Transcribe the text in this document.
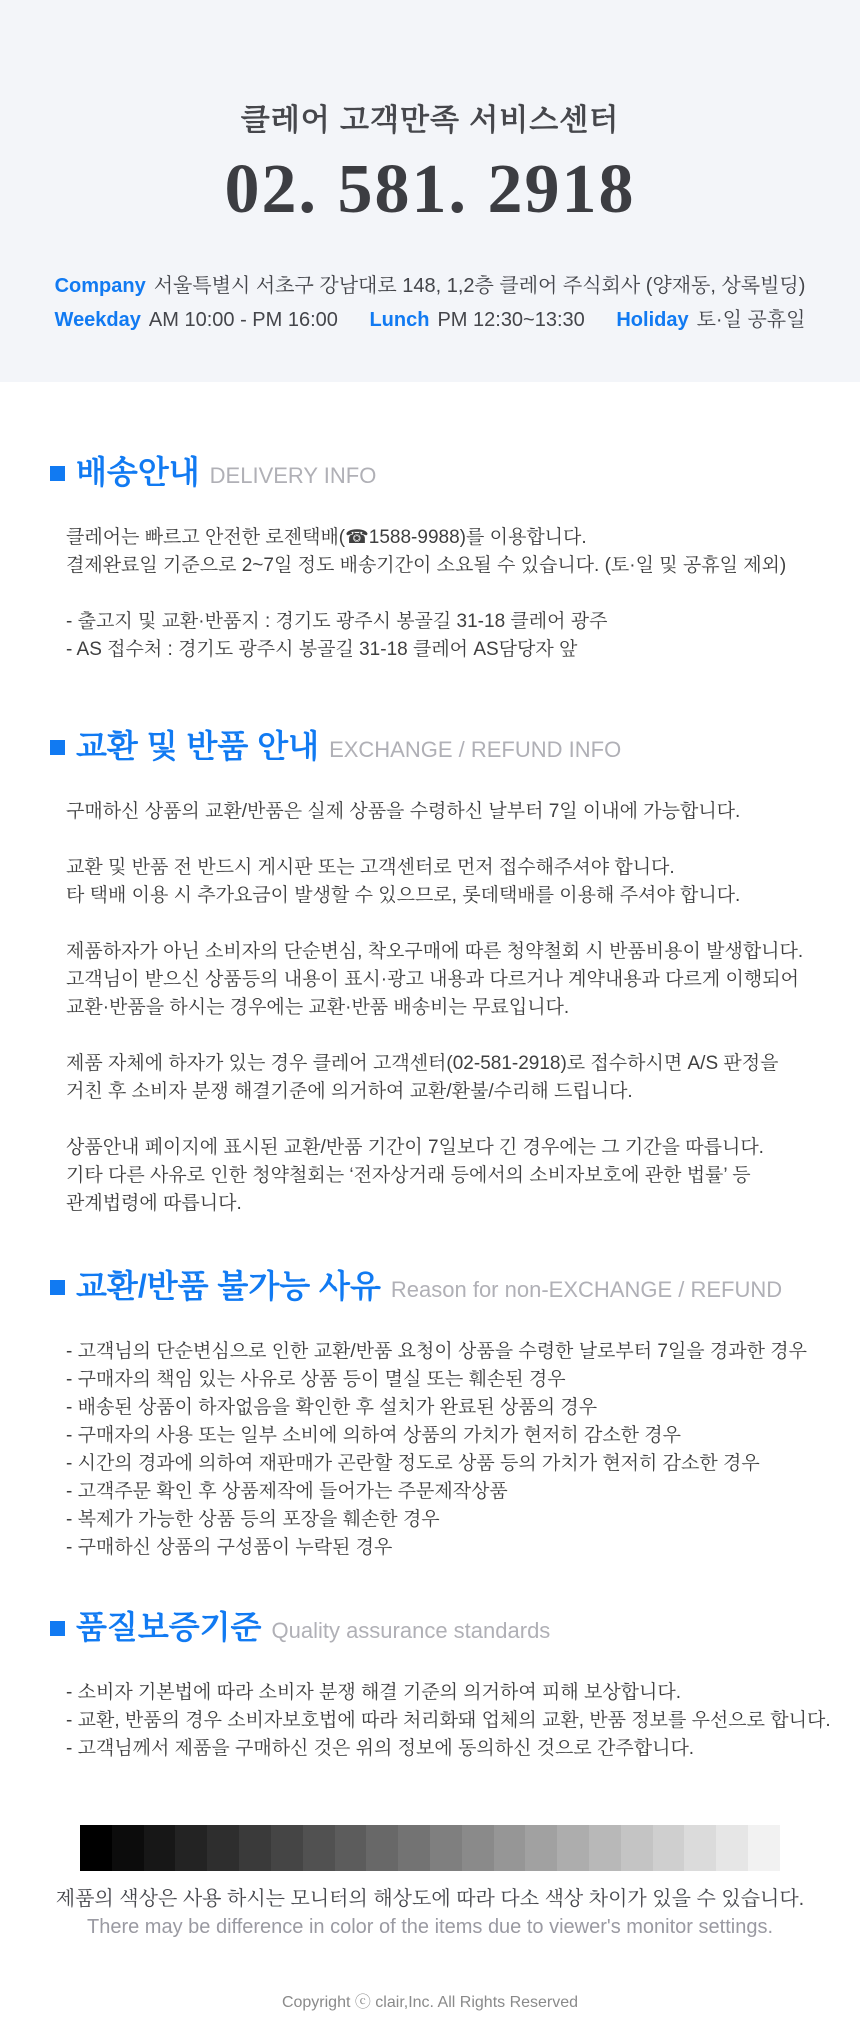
클레어 고객만족 서비스센터
02. 581. 2918
Company 서울특별시 서초구 강남대로 148, 1,2층 클레어 주식회사 (양재동, 상록빌딩)
Weekday AM 10:00 - PM 16:00 Lunch PM 12:30~13:30 Holiday 토·일 공휴일
배송안내 DELIVERY INFO
클레어는 빠르고 안전한 로젠택배(☎1588-9988)를 이용합니다.
결제완료일 기준으로 2~7일 정도 배송기간이 소요될 수 있습니다. (토·일 및 공휴일 제외)
- 출고지 및 교환·반품지 : 경기도 광주시 봉골길 31-18 클레어 광주
- AS 접수처 : 경기도 광주시 봉골길 31-18 클레어 AS담당자 앞
교환 및 반품 안내 EXCHANGE / REFUND INFO
구매하신 상품의 교환/반품은 실제 상품을 수령하신 날부터 7일 이내에 가능합니다.
교환 및 반품 전 반드시 게시판 또는 고객센터로 먼저 접수해주셔야 합니다.
타 택배 이용 시 추가요금이 발생할 수 있으므로, 롯데택배를 이용해 주셔야 합니다.
제품하자가 아닌 소비자의 단순변심, 착오구매에 따른 청약철회 시 반품비용이 발생합니다.
고객님이 받으신 상품등의 내용이 표시·광고 내용과 다르거나 계약내용과 다르게 이행되어
교환·반품을 하시는 경우에는 교환·반품 배송비는 무료입니다.
제품 자체에 하자가 있는 경우 클레어 고객센터(02-581-2918)로 접수하시면 A/S 판정을
거친 후 소비자 분쟁 해결기준에 의거하여 교환/환불/수리해 드립니다.
상품안내 페이지에 표시된 교환/반품 기간이 7일보다 긴 경우에는 그 기간을 따릅니다.
기타 다른 사유로 인한 청약철회는 ‘전자상거래 등에서의 소비자보호에 관한 법률’ 등
관계법령에 따릅니다.
교환/반품 불가능 사유 Reason for non-EXCHANGE / REFUND
- 고객님의 단순변심으로 인한 교환/반품 요청이 상품을 수령한 날로부터 7일을 경과한 경우
- 구매자의 책임 있는 사유로 상품 등이 멸실 또는 훼손된 경우
- 배송된 상품이 하자없음을 확인한 후 설치가 완료된 상품의 경우
- 구매자의 사용 또는 일부 소비에 의하여 상품의 가치가 현저히 감소한 경우
- 시간의 경과에 의하여 재판매가 곤란할 정도로 상품 등의 가치가 현저히 감소한 경우
- 고객주문 확인 후 상품제작에 들어가는 주문제작상품
- 복제가 가능한 상품 등의 포장을 훼손한 경우
- 구매하신 상품의 구성품이 누락된 경우
품질보증기준 Quality assurance standards
- 소비자 기본법에 따라 소비자 분쟁 해결 기준의 의거하여 피해 보상합니다.
- 교환, 반품의 경우 소비자보호법에 따라 처리화돼 업체의 교환, 반품 정보를 우선으로 합니다.
- 고객님께서 제품을 구매하신 것은 위의 정보에 동의하신 것으로 간주합니다.
제품의 색상은 사용 하시는 모니터의 해상도에 따라 다소 색상 차이가 있을 수 있습니다.
There may be difference in color of the items due to viewer's monitor settings.
Copyright ⓒ clair,Inc. All Rights Reserved
